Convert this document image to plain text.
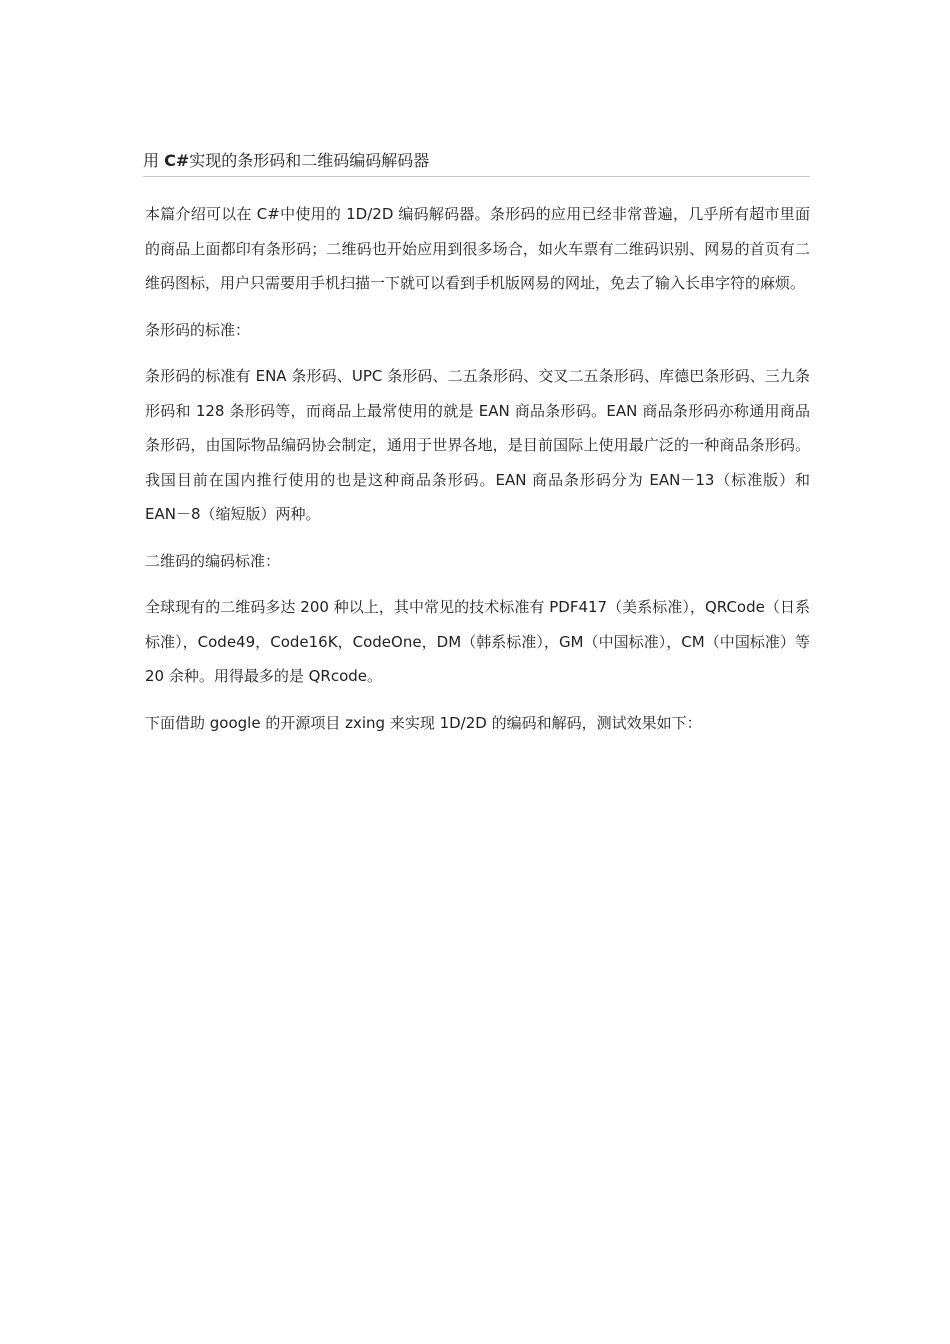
用 C#实现的条形码和二维码编码解码器

本篇介绍可以在 C#中使用的 1D/2D 编码解码器。条形码的应用已经非常普遍，几乎所有超市里面的商品上面都印有条形码；二维码也开始应用到很多场合，如火车票有二维码识别、网易的首页有二维码图标，用户只需要用手机扫描一下就可以看到手机版网易的网址，免去了输入长串字符的麻烦。

条形码的标准：

条形码的标准有 ENA 条形码、UPC 条形码、二五条形码、交叉二五条形码、库德巴条形码、三九条形码和 128 条形码等，而商品上最常使用的就是 EAN 商品条形码。EAN 商品条形码亦称通用商品条形码，由国际物品编码协会制定，通用于世界各地，是目前国际上使用最广泛的一种商品条形码。我国目前在国内推行使用的也是这种商品条形码。EAN 商品条形码分为 EAN－13（标准版）和 EAN－8（缩短版）两种。

二维码的编码标准：

全球现有的二维码多达 200 种以上，其中常见的技术标准有 PDF417（美系标准），QRCode（日系标准），Code49，Code16K，CodeOne，DM（韩系标准），GM（中国标准），CM（中国标准）等 20 余种。用得最多的是 QRcode。

下面借助 google 的开源项目 zxing 来实现 1D/2D 的编码和解码，测试效果如下：
